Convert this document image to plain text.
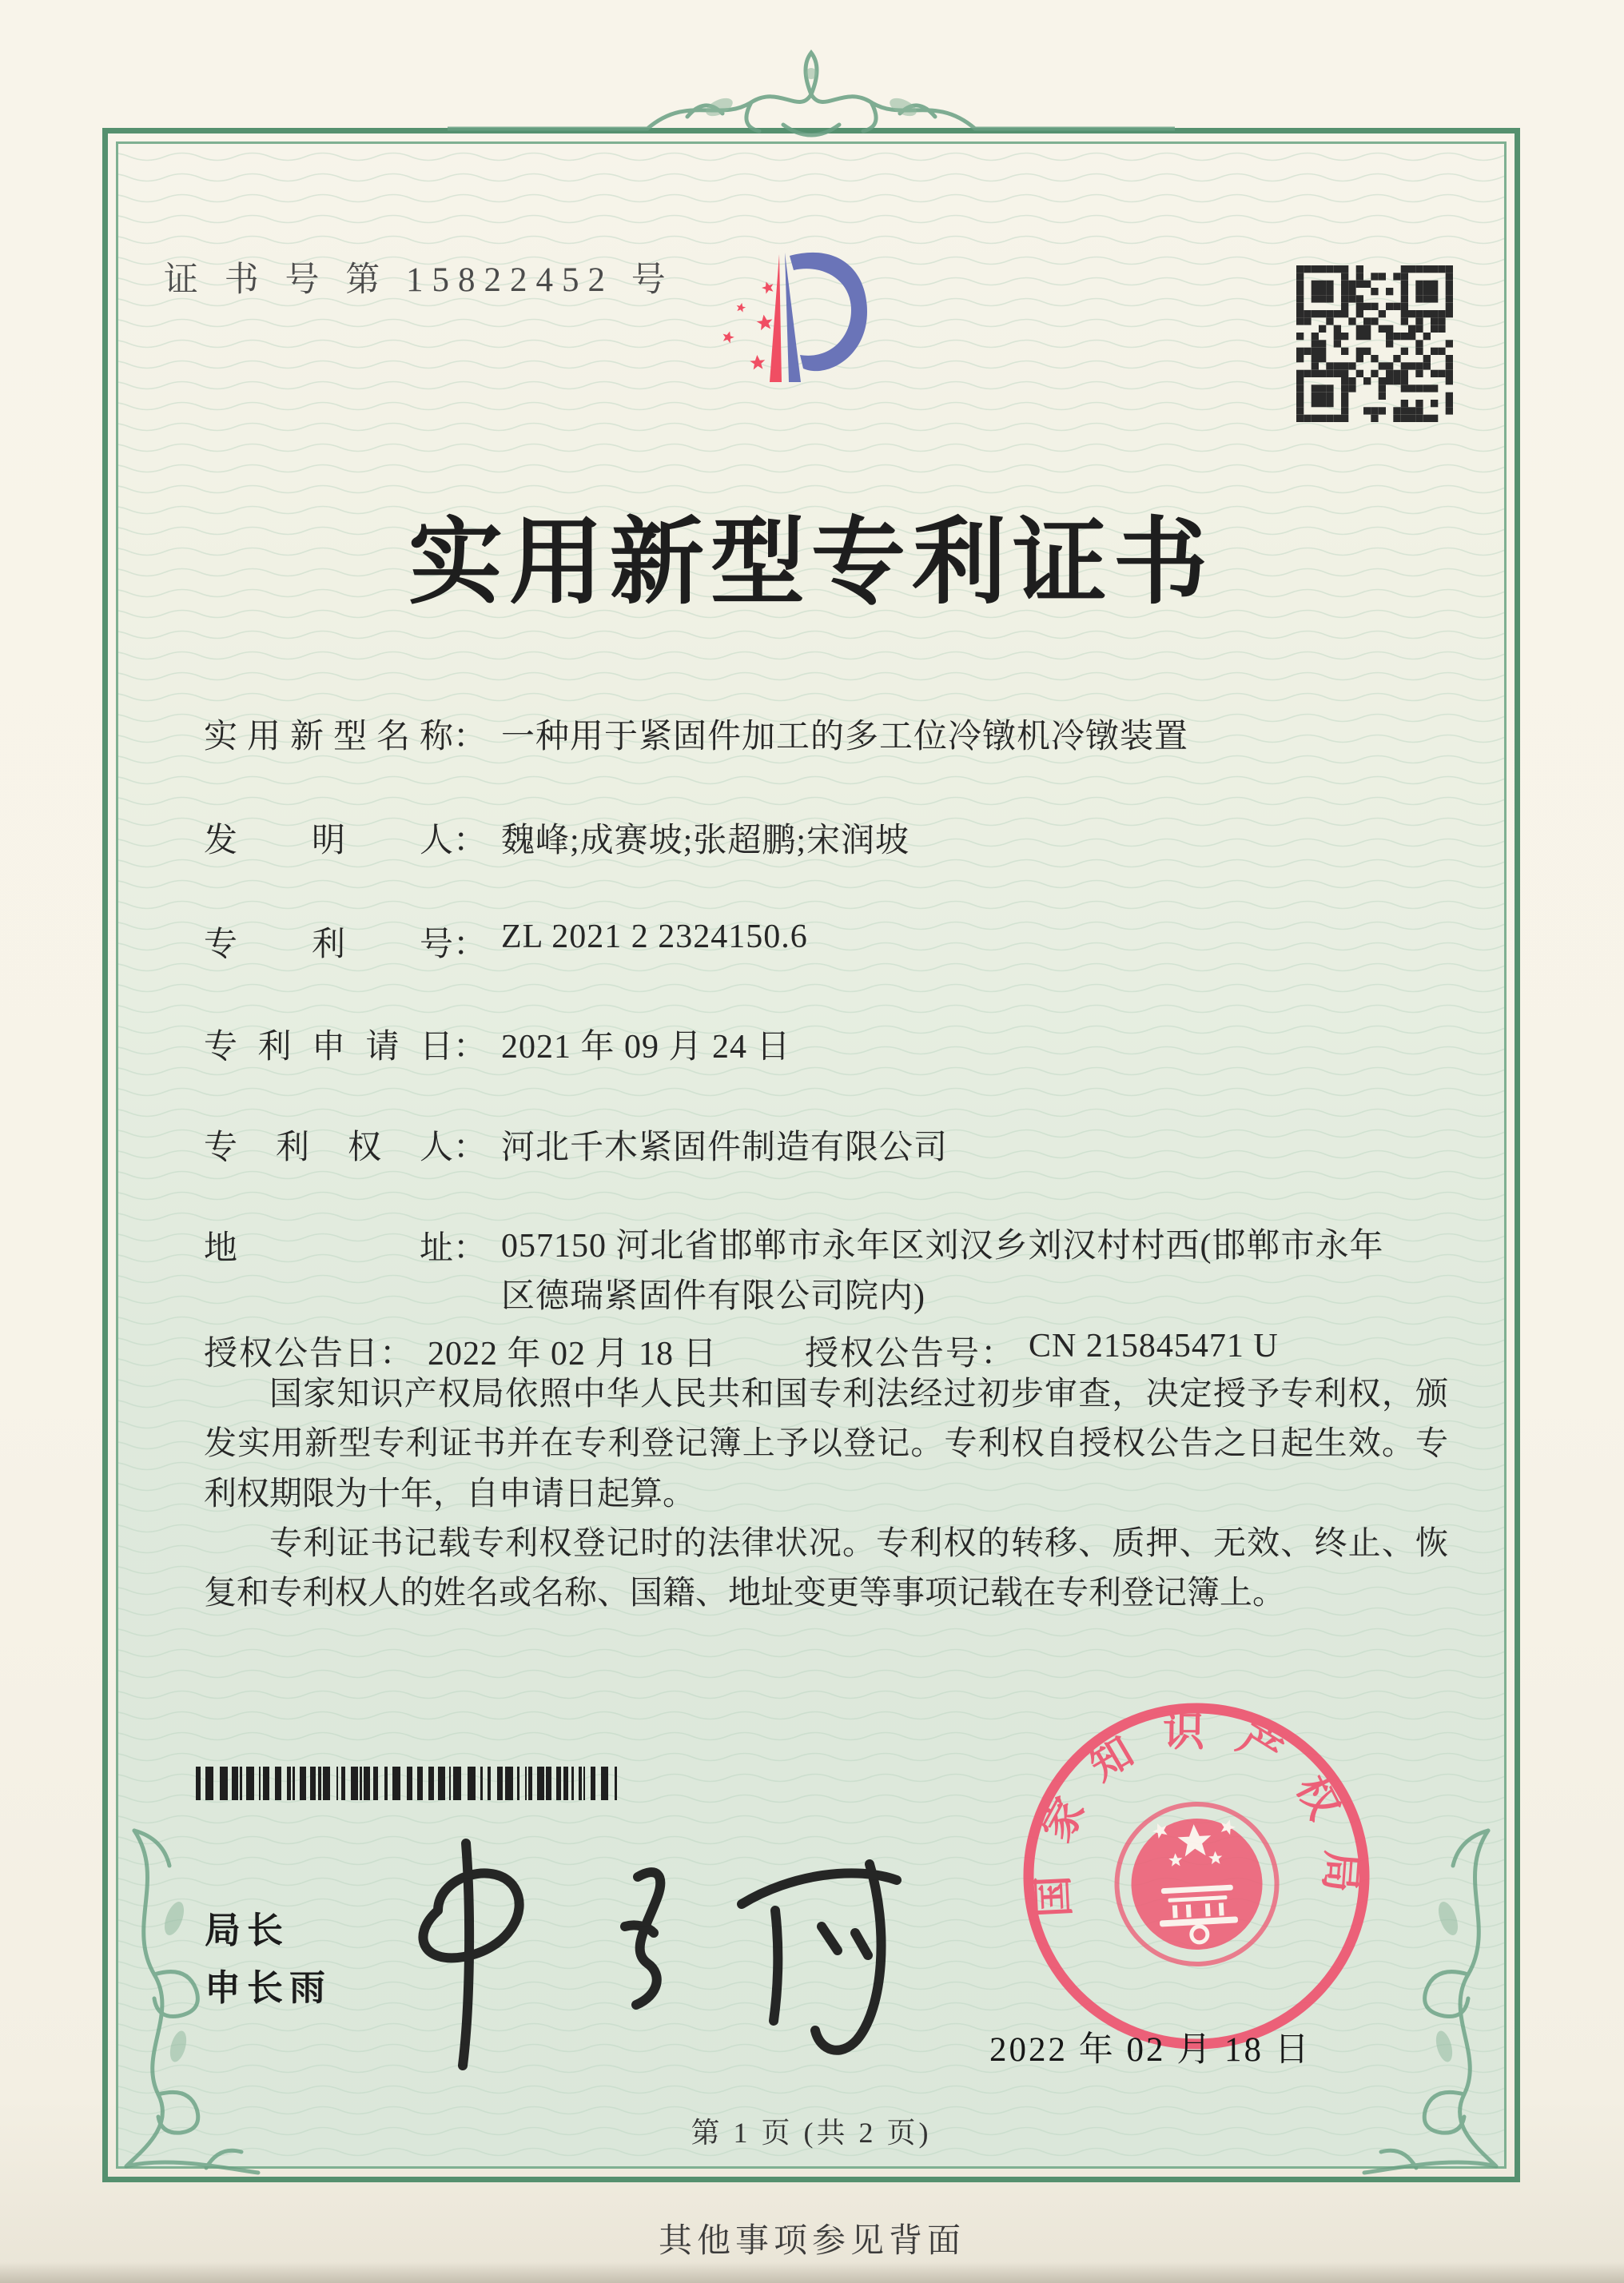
证 书 号 第 15822452 号
实用新型专利证书
实用新型名称 ： 一种用于紧固件加工的多工位冷镦机冷镦装置
发明人 ： 魏峰;成赛坡;张超鹏;宋润坡
专利号 ： ZL 2021 2 2324150.6
专利申请日 ： 2021 年 09 月 24 日
专利权人 ： 河北千木紧固件制造有限公司
地址 ： 057150 河北省邯郸市永年区刘汉乡刘汉村村西(邯郸市永年区德瑞紧固件有限公司院内)
授权公告日 ： 2022 年 02 月 18 日	授权公告号 ： CN 215845471 U

国家知识产权局依照中华人民共和国专利法经过初步审查，决定授予专利权，颁发实用新型专利证书并在专利登记簿上予以登记。专利权自授权公告之日起生效。专利权期限为十年，自申请日起算。

专利证书记载专利权登记时的法律状况。专利权的转移、质押、无效、终止、恢复和专利权人的姓名或名称、国籍、地址变更等事项记载在专利登记簿上。

局长
申长雨
国家知识产权局
2022 年 02 月 18 日
第 1 页 (共 2 页)
其他事项参见背面
